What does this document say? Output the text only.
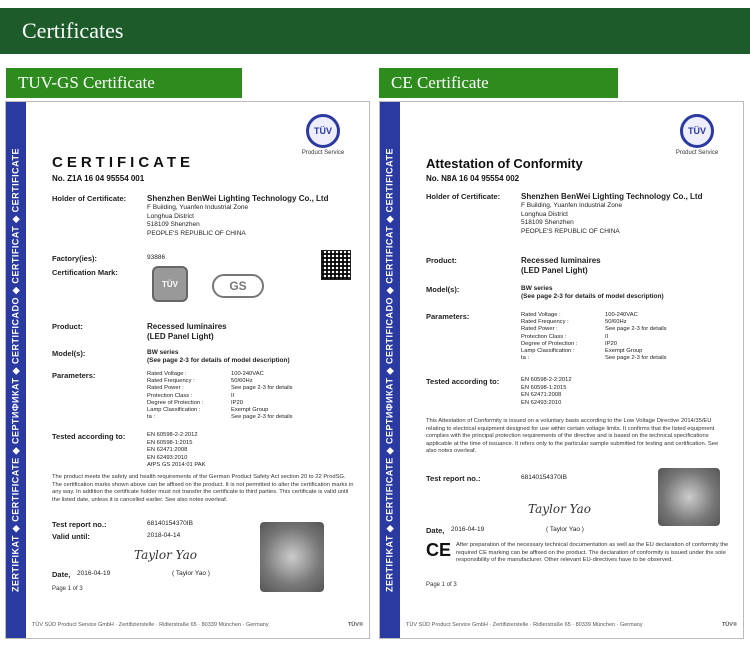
Certificates
TUV-GS Certificate	CE Certificate
ZERTIFIKAT ◆ CERTIFICATE ◆ СЕРТИФИКАТ ◆ CERTIFICADO ◆ CERTIFICAT ◆ CERTIFICATE
TÜV
Product Service
CERTIFICATE
No. Z1A 16 04 95554 001
Holder of Certificate:	Shenzhen BenWei Lighting Technology Co., Ltd
F Building, Yuanfen Industrial Zone
Longhua District
518109 Shenzhen
PEOPLE'S REPUBLIC OF CHINA
Factory(ies):	93886
Certification Mark:
TÜV SÜD
GS
Product:	Recessed luminaires
(LED Panel Light)
Model(s):	BW series
(See page 2-3 for details of model description)
Parameters:	Rated Voltage :	100-240VAC
Rated Frequency :	50/60Hz
Rated Power :	See page 2-3 for details
Protection Class :	II
Degree of Protection :	IP20
Lamp Classification :	Exempt Group
ta :	See page 2-3 for details
Tested according to:	EN 60598-2-2:2012
EN 60598-1:2015
EN 62471:2008
EN 62493:2010
AfPS GS 2014:01 PAK
The product meets the safety and health requirements of the German Product Safety Act section 20 to 22 ProdSG. The certification marks shown above can be affixed on the product. It is not permitted to alter the certification marks in any way. In addition the certificate holder must not transfer the certificate to third parties. This certificate is valid until the listed date, unless it is cancelled earlier. See also notes overleaf.
Test report no.:	68140154370IB
Valid until:	2018-04-14
Taylor Yao
Date,	2016-04-19	( Taylor Yao )
Page 1 of 3
TÜV SÜD Product Service GmbH · Zertifizierstelle · Ridlerstraße 65 · 80339 München · Germany	TÜV®
ZERTIFIKAT ◆ CERTIFICATE ◆ СЕРТИФИКАТ ◆ CERTIFICADO ◆ CERTIFICAT ◆ CERTIFICATE
TÜV
Product Service
Attestation of Conformity
No. N8A 16 04 95554 002
Holder of Certificate:	Shenzhen BenWei Lighting Technology Co., Ltd
F Building, Yuanfen Industrial Zone
Longhua District
518109 Shenzhen
PEOPLE'S REPUBLIC OF CHINA
Product:	Recessed luminaires
(LED Panel Light)
Model(s):	BW series
(See page 2-3 for details of model description)
Parameters:	Rated Voltage :	100-240VAC
Rated Frequency :	50/60Hz
Rated Power :	See page 2-3 for details
Protection Class :	II
Degree of Protection :	IP20
Lamp Classification :	Exempt Group
ta :	See page 2-3 for details
Tested according to:	EN 60598-2-2:2012
EN 60598-1:2015
EN 62471:2008
EN 62493:2010
This Attestation of Conformity is issued on a voluntary basis according to the Low Voltage Directive 2014/35/EU relating to electrical equipment designed for use within certain voltage limits. It confirms that the listed equipment complies with the principal protection requirements of the directive and is based on the technical specifications applicable at the time of issuance. It refers only to the particular sample submitted for testing and certification. See also notes overleaf.
Test report no.:	68140154370IB
Taylor Yao
Date,	2016-04-19	( Taylor Yao )
CE After preparation of the necessary technical documentation as well as the EU declaration of conformity the required CE marking can be affixed on the product. The declaration of conformity is issued under the sole responsibility of the manufacturer. Other relevant EU-directives have to be observed.
Page 1 of 3
TÜV SÜD Product Service GmbH · Zertifizierstelle · Ridlerstraße 65 · 80339 München · Germany	TÜV®
